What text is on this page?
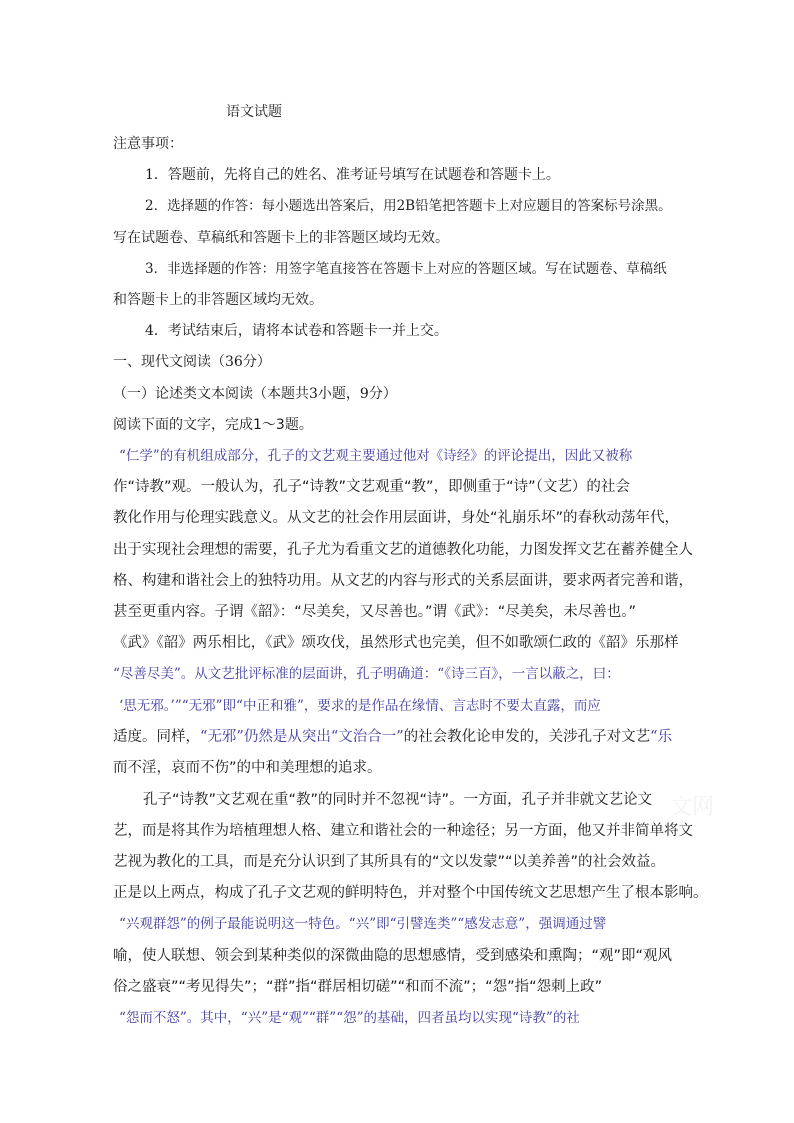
语文试题
注意事项：
1．答题前，先将自己的姓名、准考证号填写在试题卷和答题卡上。
2．选择题的作答：每小题选出答案后，用2B铅笔把答题卡上对应题目的答案标号涂黑。
写在试题卷、草稿纸和答题卡上的非答题区域均无效。
3．非选择题的作答：用签字笔直接答在答题卡上对应的答题区域。写在试题卷、草稿纸
和答题卡上的非答题区域均无效。
4．考试结束后，请将本试卷和答题卡一并上交。
一、现代文阅读（36分）
（一）论述类文本阅读（本题共3小题，9分）
阅读下面的文字，完成1～3题。
“仁学”的有机组成部分，孔子的文艺观主要通过他对《诗经》的评论提出，因此又被称
作“诗教”观。一般认为，孔子“诗教”文艺观重“教”，即侧重于“诗”（文艺）的社会
教化作用与伦理实践意义。从文艺的社会作用层面讲，身处“礼崩乐坏”的春秋动荡年代，
出于实现社会理想的需要，孔子尤为看重文艺的道德教化功能，力图发挥文艺在蓄养健全人
格、构建和谐社会上的独特功用。从文艺的内容与形式的关系层面讲，要求两者完善和谐，
甚至更重内容。子谓《韶》：“尽美矣，又尽善也。”谓《武》：“尽美矣，未尽善也。”
《武》《韶》两乐相比，《武》颂攻伐，虽然形式也完美，但不如歌颂仁政的《韶》乐那样
“尽善尽美”。从文艺批评标准的层面讲，孔子明确道：“《诗三百》，一言以蔽之，曰：
‘思无邪。’”“无邪”即“中正和雅”，要求的是作品在缘情、言志时不要太直露，而应
适度。同样，“无邪”仍然是从突出“文治合一”的社会教化论申发的，关涉孔子对文艺“乐
而不淫，哀而不伤”的中和美理想的追求。
孔子“诗教”文艺观在重“教”的同时并不忽视“诗”。一方面，孔子并非就文艺论文
艺，而是将其作为培植理想人格、建立和谐社会的一种途径；另一方面，他又并非简单将文
艺视为教化的工具，而是充分认识到了其所具有的“文以发蒙”“以美养善”的社会效益。
正是以上两点，构成了孔子文艺观的鲜明特色，并对整个中国传统文艺思想产生了根本影响。
“兴观群怨”的例子最能说明这一特色。“兴”即“引譬连类”“感发志意”，强调通过譬
喻，使人联想、领会到某种类似的深微曲隐的思想感情，受到感染和熏陶；“观”即“观风
俗之盛衰”“考见得失”；“群”指“群居相切磋”“和而不流”；“怨”指“怨刺上政”
“怨而不怒”。其中，“兴”是“观”“群”“怨”的基础，四者虽均以实现“诗教”的社
文网
